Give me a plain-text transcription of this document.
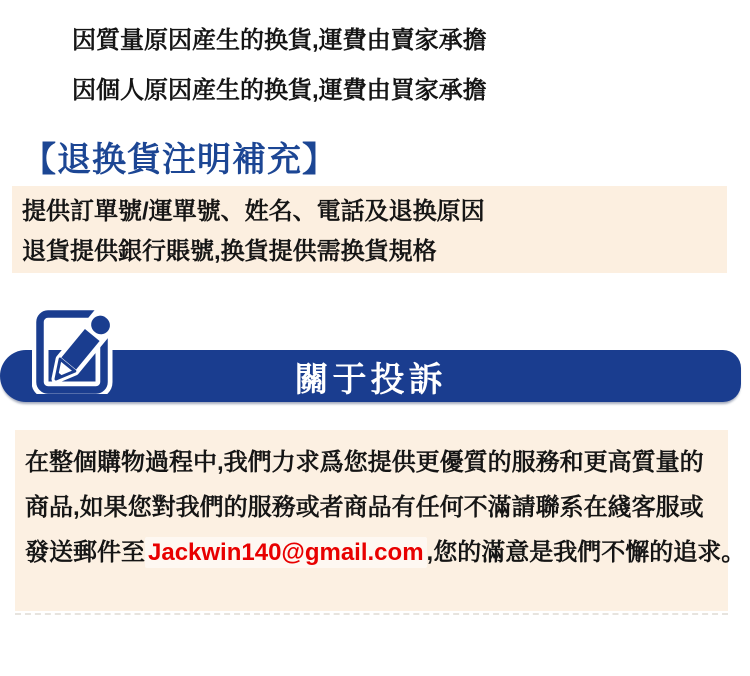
因質量原因産生的换貨,運費由賣家承擔

因個人原因産生的换貨,運費由買家承擔

【退换貨注明補充】

提供訂單號/運單號、姓名、電話及退换原因

退貨提供銀行賬號,换貨提供需换貨規格

關于投訴

在整個購物過程中,我們力求爲您提供更優質的服務和更高質量的

商品,如果您對我們的服務或者商品有任何不滿請聯系在綫客服或

發送郵件至 Jackwin140@gmail.com ,您的滿意是我們不懈的追求。
